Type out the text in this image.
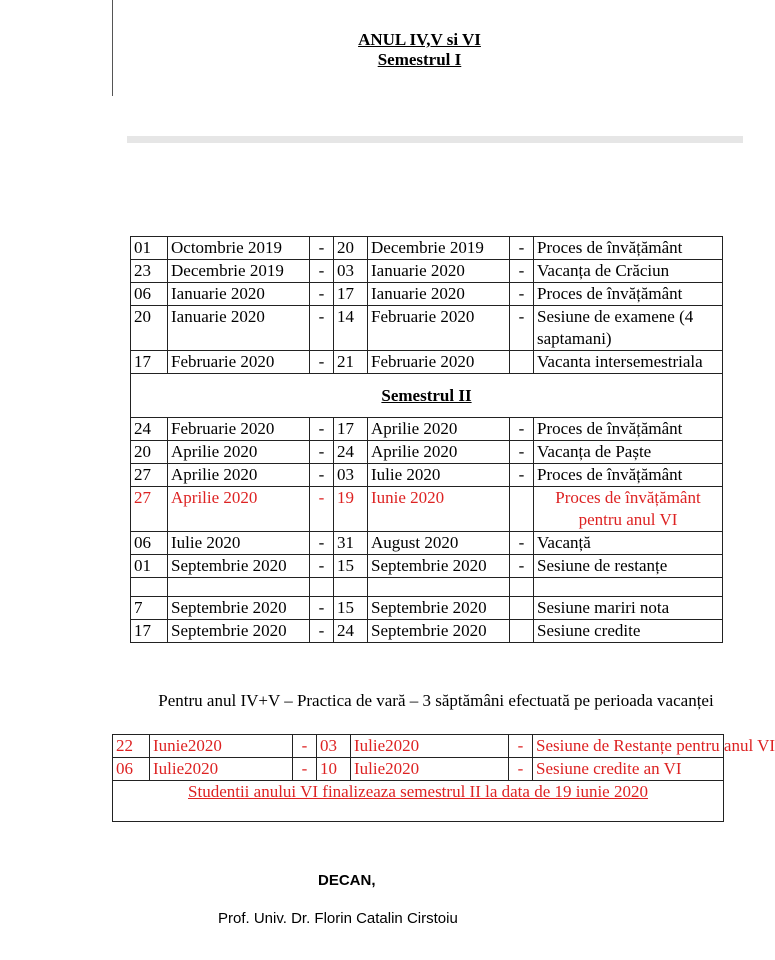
ANUL IV,V si VI
Semestrul I
01	Octombrie 2019	-	20	Decembrie 2019	-	Proces de învățământ
23	Decembrie 2019	-	03	Ianuarie 2020	-	Vacanța de Crăciun
06	Ianuarie 2020	-	17	Ianuarie 2020	-	Proces de învățământ
20	Ianuarie 2020	-	14	Februarie 2020	-	Sesiune de examene (4 saptamani)
17	Februarie 2020	-	21	Februarie 2020		Vacanta intersemestriala
Semestrul II						
24	Februarie 2020	-	17	Aprilie 2020	-	Proces de învățământ
20	Aprilie 2020	-	24	Aprilie 2020	-	Vacanța de Paște
27	Aprilie 2020	-	03	Iulie 2020	-	Proces de învățământ
27	Aprilie 2020	-	19	Iunie 2020		Proces de învățământ pentru anul VI
06	Iulie 2020	-	31	August 2020	-	Vacanță
01	Septembrie 2020	-	15	Septembrie 2020	-	Sesiune de restanțe

7	Septembrie 2020	-	15	Septembrie 2020		Sesiune mariri nota
17	Septembrie 2020	-	24	Septembrie 2020		Sesiune credite
Pentru anul IV+V – Practica de vară – 3 săptămâni efectuată pe perioada vacanței
22	Iunie2020	-	03	Iulie2020	-	Sesiune de Restanțe pentru anul VI
06	Iulie2020	-	10	Iulie2020	-	Sesiune credite an VI
Studentii anului VI finalizeaza semestrul II la data de 19 iunie 2020						
DECAN,
Prof. Univ. Dr. Florin Catalin Cirstoiu
